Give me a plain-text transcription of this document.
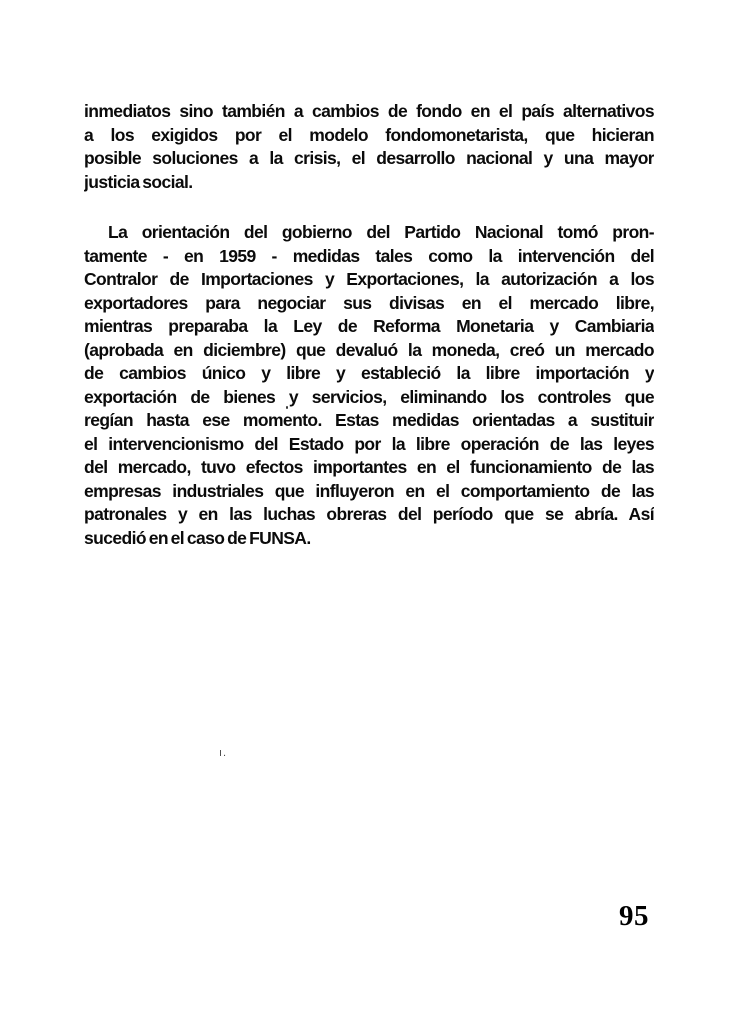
inmediatos sino también a cambios de fondo en el país alternativos
a los exigidos por el modelo fondomonetarista, que hicieran
posible soluciones a la crisis, el desarrollo nacional y una mayor
justicia social.
La orientación del gobierno del Partido Nacional tomó pron-
tamente - en 1959 - medidas tales como la intervención del
Contralor de Importaciones y Exportaciones, la autorización a los
exportadores para negociar sus divisas en el mercado libre,
mientras preparaba la Ley de Reforma Monetaria y Cambiaria
(aprobada en diciembre) que devaluó la moneda, creó un mercado
de cambios único y libre y estableció la libre importación y
exportación de bienes y servicios, eliminando los controles que
regían hasta ese momento. Estas medidas orientadas a sustituir
el intervencionismo del Estado por la libre operación de las leyes
del mercado, tuvo efectos importantes en el funcionamiento de las
empresas industriales que influyeron en el comportamiento de las
patronales y en las luchas obreras del período que se abría. Así
sucedió en el caso de FUNSA.
ı.
95
